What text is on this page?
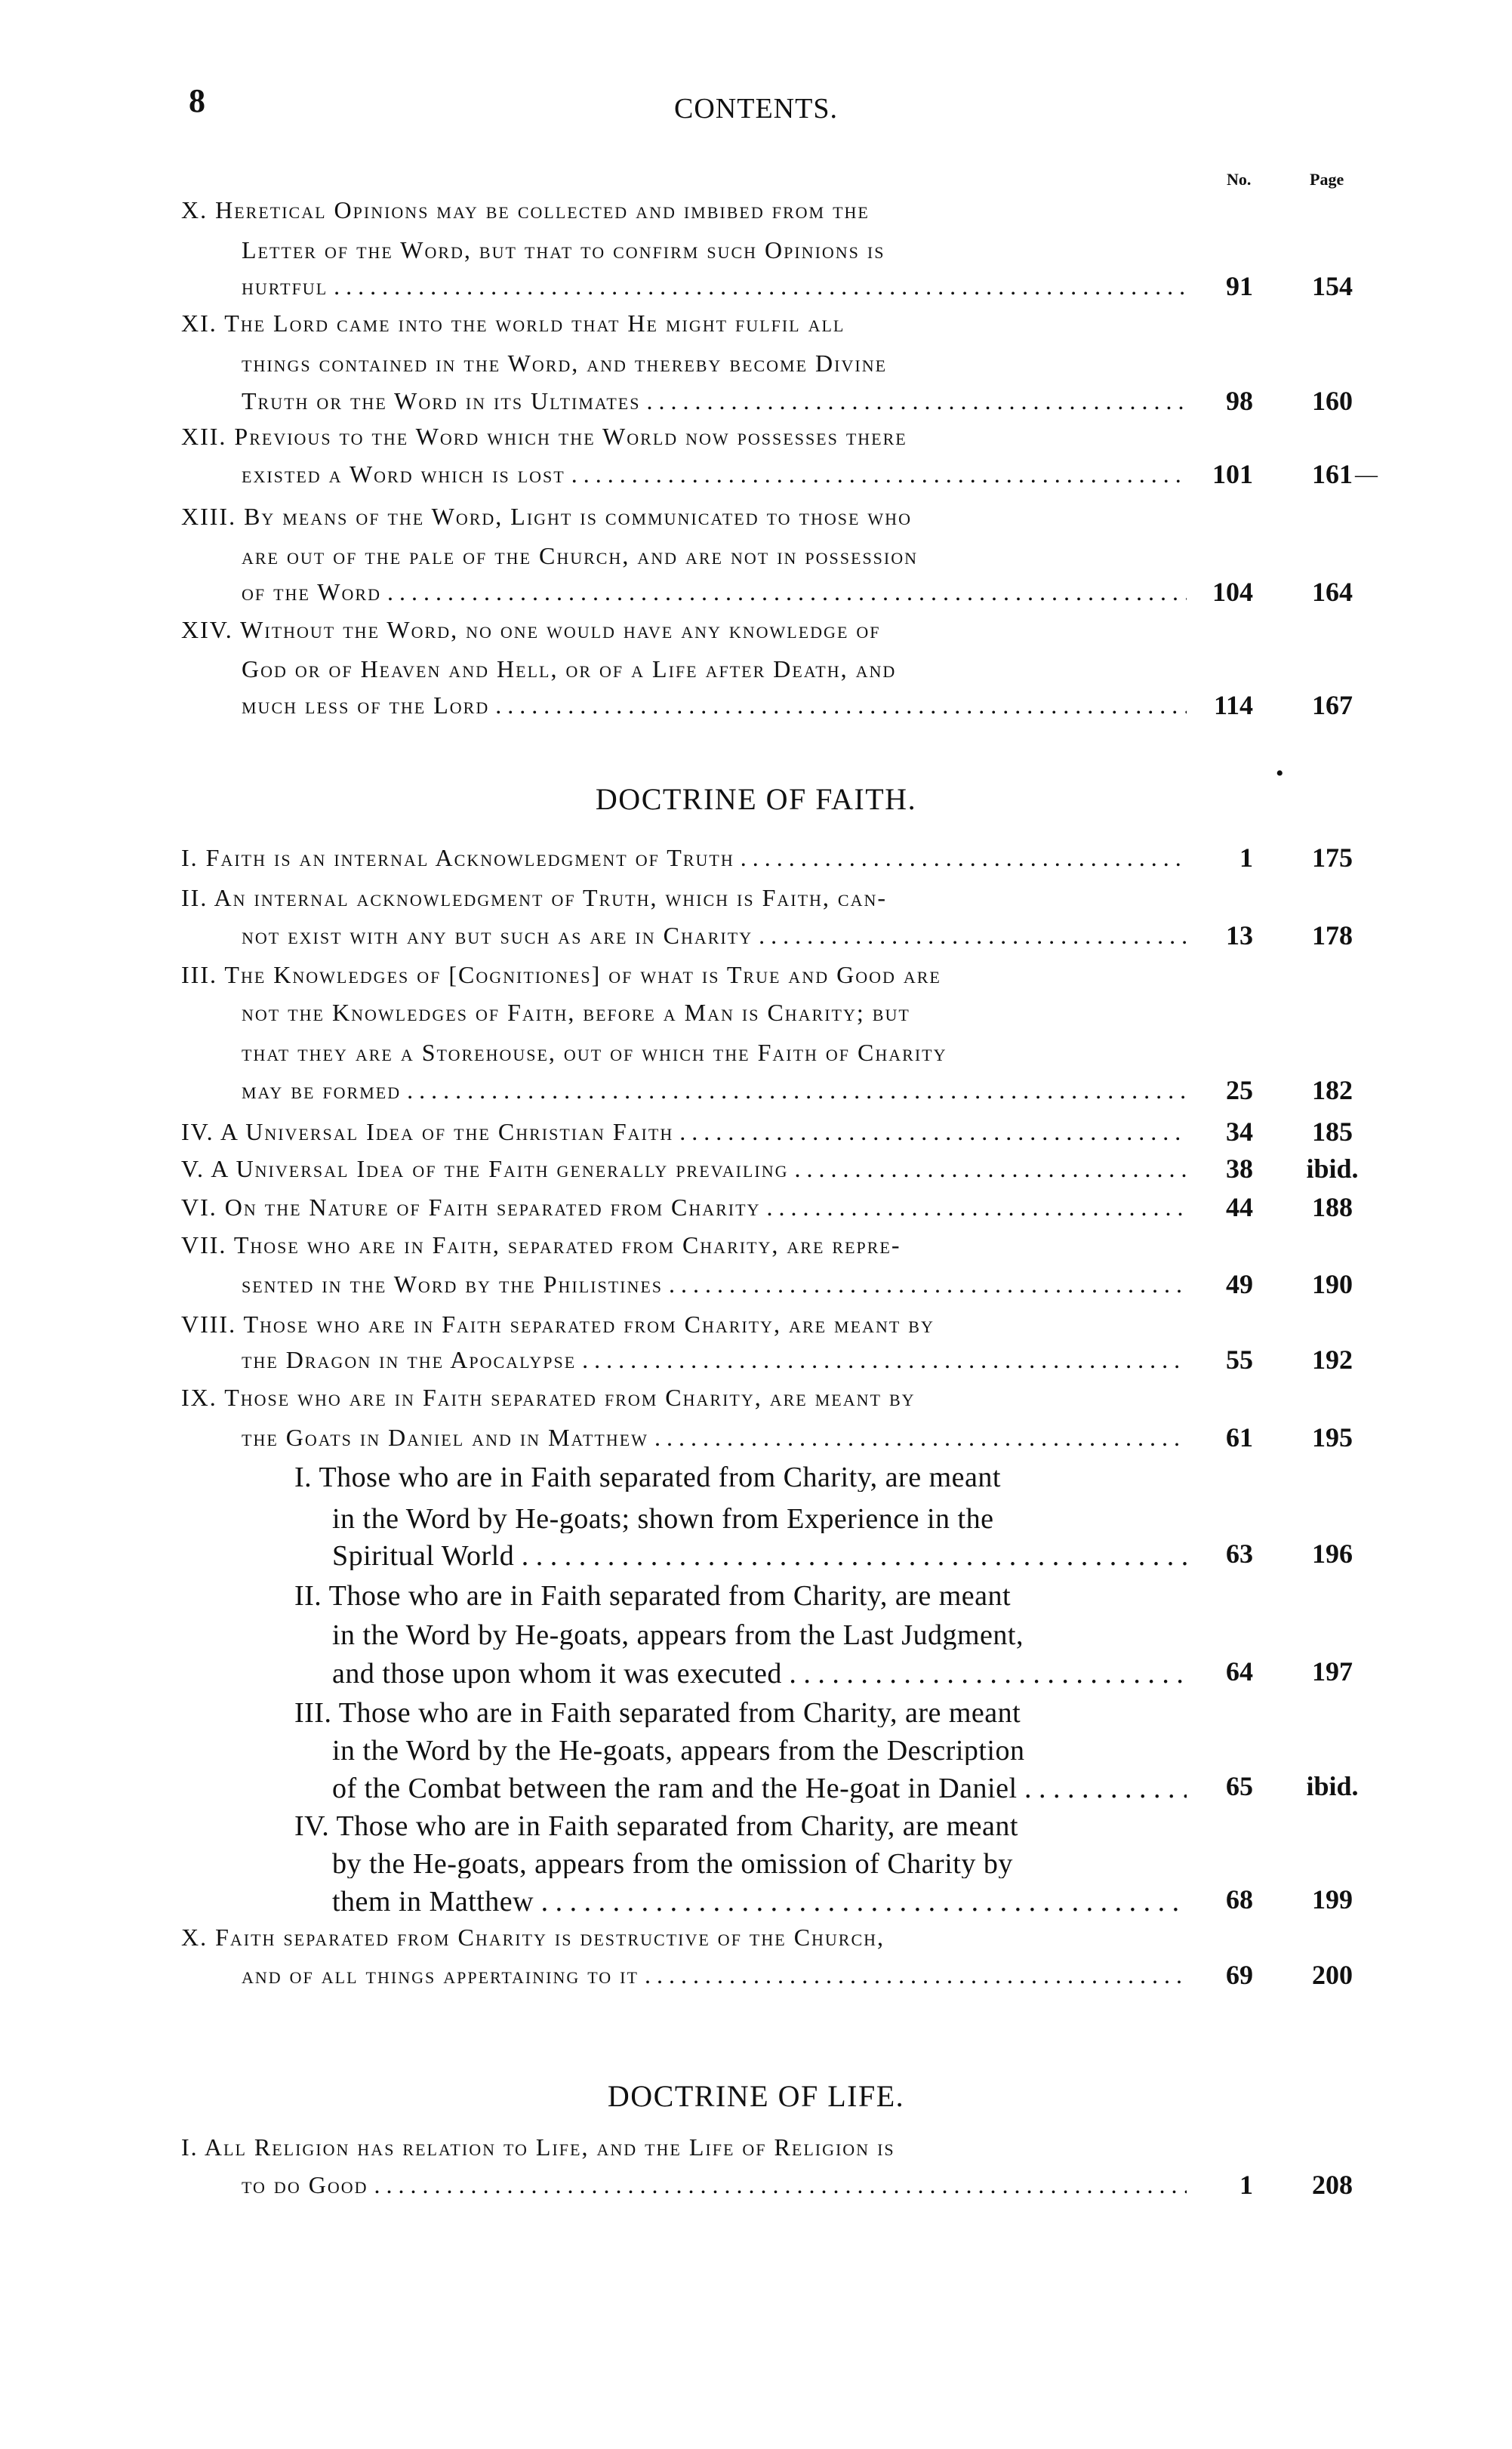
8	CONTENTS.
No.	Page
—
•
X. Heretical Opinions may be collected and imbibed from the
Letter of the Word, but that to confirm such Opinions is
hurtful . . .	91	154
XI. The Lord came into the world that He might fulfil all
things contained in the Word, and thereby become Divine
Truth or the Word in its Ultimates . . .	98	160
XII. Previous to the Word which the World now possesses there
existed a Word which is lost . . .	101	161
XIII. By means of the Word, Light is communicated to those who
are out of the pale of the Church, and are not in possession
of the Word . . .	104	164
XIV. Without the Word, no one would have any knowledge of
God or of Heaven and Hell, or of a Life after Death, and
much less of the Lord . . .	114	167
DOCTRINE OF FAITH.
I. Faith is an internal Acknowledgment of Truth . . .	1	175
II. An internal acknowledgment of Truth, which is Faith, can-
not exist with any but such as are in Charity . . .	13	178
III. The Knowledges of [Cognitiones] of what is True and Good are
not the Knowledges of Faith, before a Man is Charity; but
that they are a Storehouse, out of which the Faith of Charity
may be formed . . .	25	182
IV. A Universal Idea of the Christian Faith . . .	34	185
V. A Universal Idea of the Faith generally prevailing . . .	38	ibid.
VI. On the Nature of Faith separated from Charity . . .	44	188
VII. Those who are in Faith, separated from Charity, are repre-
sented in the Word by the Philistines . . .	49	190
VIII. Those who are in Faith separated from Charity, are meant by
the Dragon in the Apocalypse . . .	55	192
IX. Those who are in Faith separated from Charity, are meant by
the Goats in Daniel and in Matthew . . .	61	195
I. Those who are in Faith separated from Charity, are meant
in the Word by He-goats; shown from Experience in the
Spiritual World . . .	63	196
II. Those who are in Faith separated from Charity, are meant
in the Word by He-goats, appears from the Last Judgment,
and those upon whom it was executed . . .	64	197
III. Those who are in Faith separated from Charity, are meant
in the Word by the He-goats, appears from the Description
of the Combat between the ram and the He-goat in Daniel . . .	65	ibid.
IV. Those who are in Faith separated from Charity, are meant
by the He-goats, appears from the omission of Charity by
them in Matthew . . .	68	199
X. Faith separated from Charity is destructive of the Church,
and of all things appertaining to it . . .	69	200
DOCTRINE OF LIFE.
I. All Religion has relation to Life, and the Life of Religion is
to do Good . . .	1	208
